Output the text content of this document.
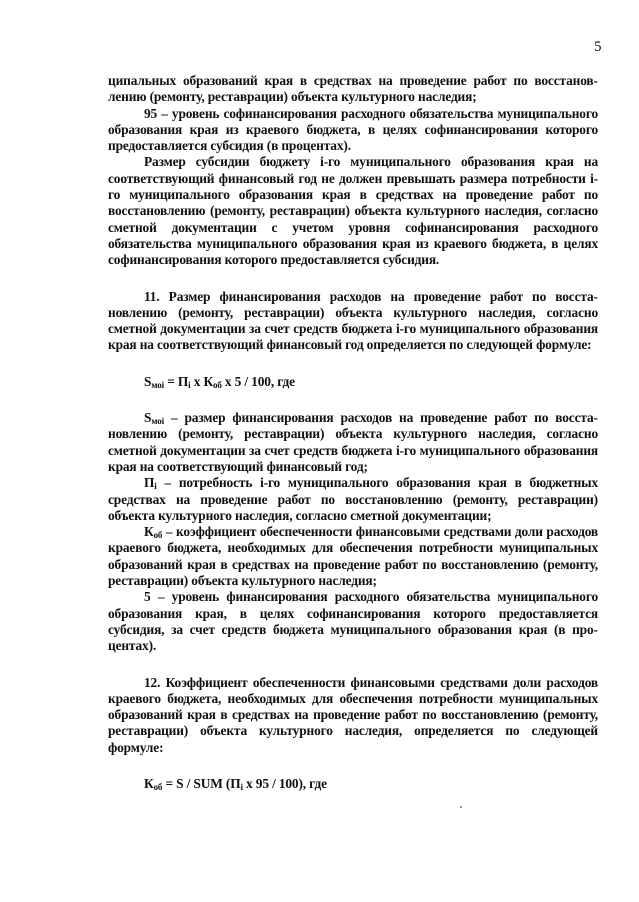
5

ципальных образований края в средствах на проведение работ по восстановлению (ремонту, реставрации) объекта культурного наследия;

95 – уровень софинансирования расходного обязательства муниципального образования края из краевого бюджета, в целях софинансирования которого предоставляется субсидия (в процентах).

Размер субсидии бюджету i-го муниципального образования края на соответствующий финансовый год не должен превышать размера потребности i-го муниципального образования края в средствах на проведение работ по восстановлению (ремонту, реставрации) объекта культурного наследия, согласно сметной документации с учетом уровня софинансирования расходного обязательства муниципального образования края из краевого бюджета, в целях софинансирования которого предоставляется субсидия.

11. Размер финансирования расходов на проведение работ по восстановлению (ремонту, реставрации) объекта культурного наследия, согласно сметной документации за счет средств бюджета i-го муниципального образования края на соответствующий финансовый год определяется по следующей формуле:

$S_{мoi} = П_i$ х $К_{об}$ х 5 / 100, где

$S_{мoi}$ – размер финансирования расходов на проведение работ по восстановлению (ремонту, реставрации) объекта культурного наследия, согласно сметной документации за счет средств бюджета i-го муниципального образования края на соответствующий финансовый год;

$П_i$ – потребность i-го муниципального образования края в бюджетных средствах на проведение работ по восстановлению (ремонту, реставрации) объекта культурного наследия, согласно сметной документации;

$К_{об}$ – коэффициент обеспеченности финансовыми средствами доли расходов краевого бюджета, необходимых для обеспечения потребности муниципальных образований края в средствах на проведение работ по восстановлению (ремонту, реставрации) объекта культурного наследия;

5 – уровень финансирования расходного обязательства муниципального образования края, в целях софинансирования которого предоставляется субсидия, за счет средств бюджета муниципального образования края (в процентах).

12. Коэффициент обеспеченности финансовыми средствами доли расходов краевого бюджета, необходимых для обеспечения потребности муниципальных образований края в средствах на проведение работ по восстановлению (ремонту, реставрации) объекта культурного наследия, определяется по следующей формуле:

$К_{об} = S$ / SUM ($П_i$ х 95 / 100), где
